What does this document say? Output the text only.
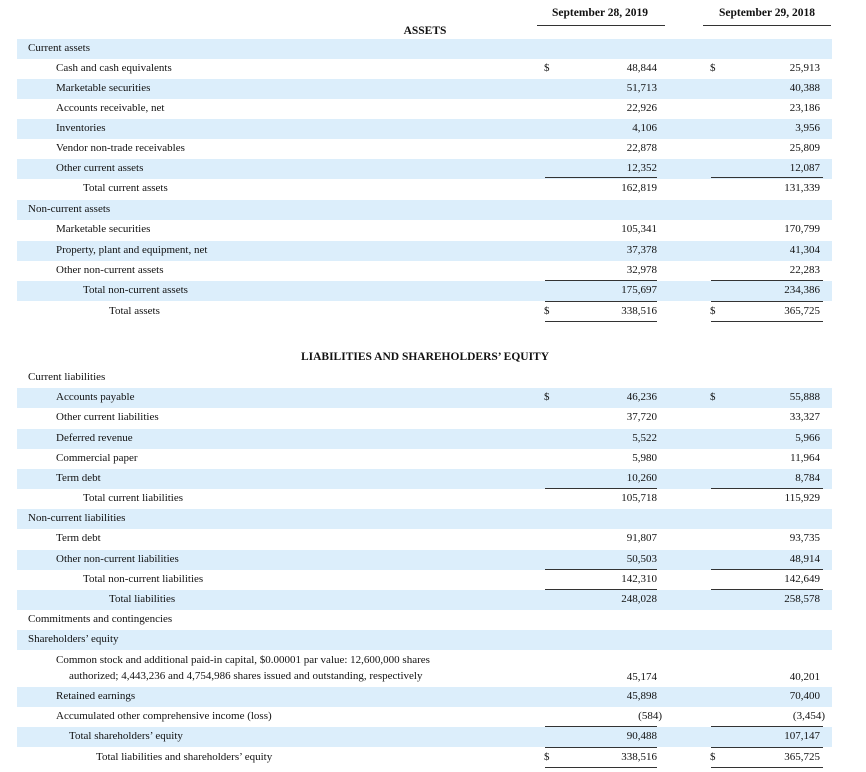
September 28, 2019	September 29, 2018
ASSETS
Current assets
Cash and cash equivalents	$	48,844	$	25,913
Marketable securities	51,713	40,388
Accounts receivable, net	22,926	23,186
Inventories	4,106	3,956
Vendor non-trade receivables	22,878	25,809
Other current assets	12,352	12,087
Total current assets	162,819	131,339
Non-current assets
Marketable securities	105,341	170,799
Property, plant and equipment, net	37,378	41,304
Other non-current assets	32,978	22,283
Total non-current assets	175,697	234,386
Total assets	$	338,516	$	365,725
LIABILITIES AND SHAREHOLDERS’ EQUITY
Current liabilities
Accounts payable	$	46,236	$	55,888
Other current liabilities	37,720	33,327
Deferred revenue	5,522	5,966
Commercial paper	5,980	11,964
Term debt	10,260	8,784
Total current liabilities	105,718	115,929
Non-current liabilities
Term debt	91,807	93,735
Other non-current liabilities	50,503	48,914
Total non-current liabilities	142,310	142,649
Total liabilities	248,028	258,578
Commitments and contingencies
Shareholders’ equity
Common stock and additional paid-in capital, $0.00001 par value: 12,600,000 shares
authorized; 4,443,236 and 4,754,986 shares issued and outstanding, respectively	45,174	40,201
Retained earnings	45,898	70,400
Accumulated other comprehensive income (loss)	(584)	(3,454)
Total shareholders’ equity	90,488	107,147
Total liabilities and shareholders’ equity	$	338,516	$	365,725
